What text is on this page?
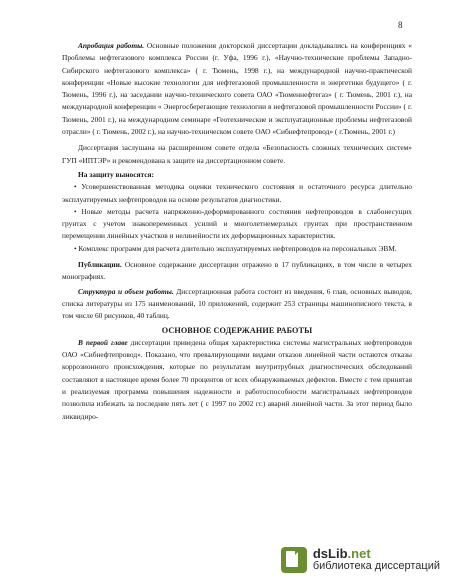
8

Апробация работы. Основные положения докторской диссертации докладывались на конференциях « Проблемы нефтегазового комплекса России (г. Уфа, 1996 г.), «Научно-технические проблемы Западно-Сибирского нефтегазового комплекса» ( г. Тюмень, 1998 г.), на международной научно-практической конференции «Новые высокие технологии для нефтегазовой промышленности и энергетики будущего» ( г. Тюмень, 1996 г.), на заседании научно-технического совета ОАО «Тюменнефтегаз» ( г. Тюмень, 2001 г.), на международной конференции « Энергосберегающие технологии в нефтегазовой промышленности России» ( г. Тюмень, 2001 г.), на международном семинаре «Геотехнические и эксплуатационные проблемы нефтегазовой отрасли» ( г. Тюмень, 2002 г.), на научно-техническом совете ОАО «Сибнефтепровод» ( г.Тюмень, 2001 г.)

Диссертация заслушана на расширенном совете отдела «Безопасность сложных технических систем» ГУП «ИПТЭР» и рекомендована к защите на диссертационном совете.

На защиту выносятся:

• Усовершенствованная методика оценки технического состояния и остаточного ресурса длительно эксплуатируемых нефтепроводов на основе результатов диагностики.

• Новые методы расчета напряженно-деформированного состояния нефтепроводов в слабонесущих грунтах с учетом знакопеременных усилий и многолетнемерзлых грунтах при пространственном перемещении линейных участков и нелинейности их деформационных характеристик.

• Комплекс программ для расчета длительно эксплуатируемых нефтепроводов на персональных ЭВМ.

Публикации. Основное содержание диссертации отражено в 17 публикациях, в том числе в четырех монографиях.

Структура и объем работы. Диссертационная работа состоит из введения, 6 глав, основных выводов, списка литературы из 175 наименований, 10 приложений, содержит 253 страницы машинописного текста, в том числе 60 рисунков, 40 таблиц.

ОСНОВНОЕ СОДЕРЖАНИЕ РАБОТЫ

В первой главе диссертации приведена общая характеристика системы магистральных нефтепроводов ОАО «Сибнефтепровод». Показано, что превалирующими видами отказов линейной части остаются отказы коррозионного происхождения, которые по результатам внутритрубных диагностических обследований составляют в настоящее время более 70 процентов от всех обнаруживаемых дефектов. Вместе с тем принятая и реализуемая программа повышения надежности и работоспособности магистральных нефтепроводов позволила избежать за последние пять лет ( с 1997 по 2002 гг.) аварий линейной части. За этот период было ликвидиро-

dsLib.net
библиотека диссертаций
